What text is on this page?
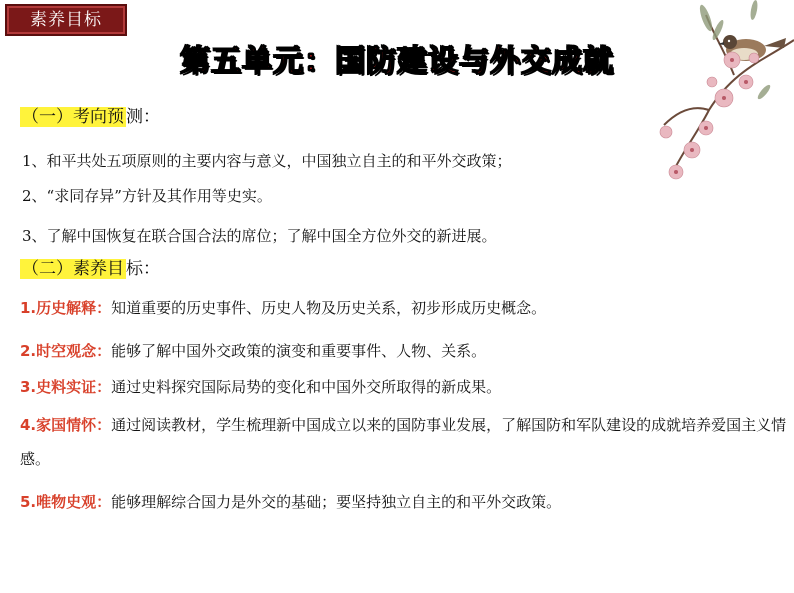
素养目标
第五单元：国防建设与外交成就
（一）考向预 测：
1、和平共处五项原则的主要内容与意义，中国独立自主的和平外交政策；
2、“求同存异”方针及其作用等史实。
3、了解中国恢复在联合国合法的席位；了解中国全方位外交的新进展。
（二）素养目 标：
1.历史解释：知道重要的历史事件、历史人物及历史关系，初步形成历史概念。
2.时空观念：能够了解中国外交政策的演变和重要事件、人物、关系。
3.史料实证：通过史料探究国际局势的变化和中国外交所取得的新成果。
4.家国情怀：通过阅读教材，学生梳理新中国成立以来的国防事业发展，了解国防和军队建设的成就培养爱国主义情感。
5.唯物史观：能够理解综合国力是外交的基础；要坚持独立自主的和平外交政策。
